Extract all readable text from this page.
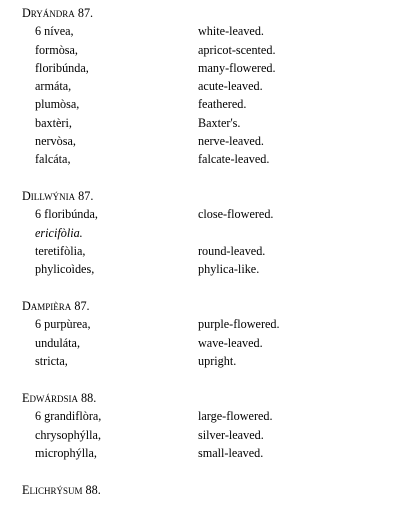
Dryándra 87.
6 nívea,	white-leaved.
formòsa,	apricot-scented.
floribúnda,	many-flowered.
armáta,	acute-leaved.
plumòsa,	feathered.
baxtèri,	Baxter's.
nervòsa,	nerve-leaved.
falcáta,	falcate-leaved.
Dillwýnia 87.
6 floribúnda,	close-flowered.
ericifòlia.
teretifòlia,	round-leaved.
phylicoìdes,	phylica-like.
Dampièra 87.
6 purpùrea,	purple-flowered.
unduláta,	wave-leaved.
stricta,	upright.
Edwárdsia 88.
6 grandiflòra,	large-flowered.
chrysophýlla,	silver-leaved.
microphýlla,	small-leaved.
Elichrýsum 88.
